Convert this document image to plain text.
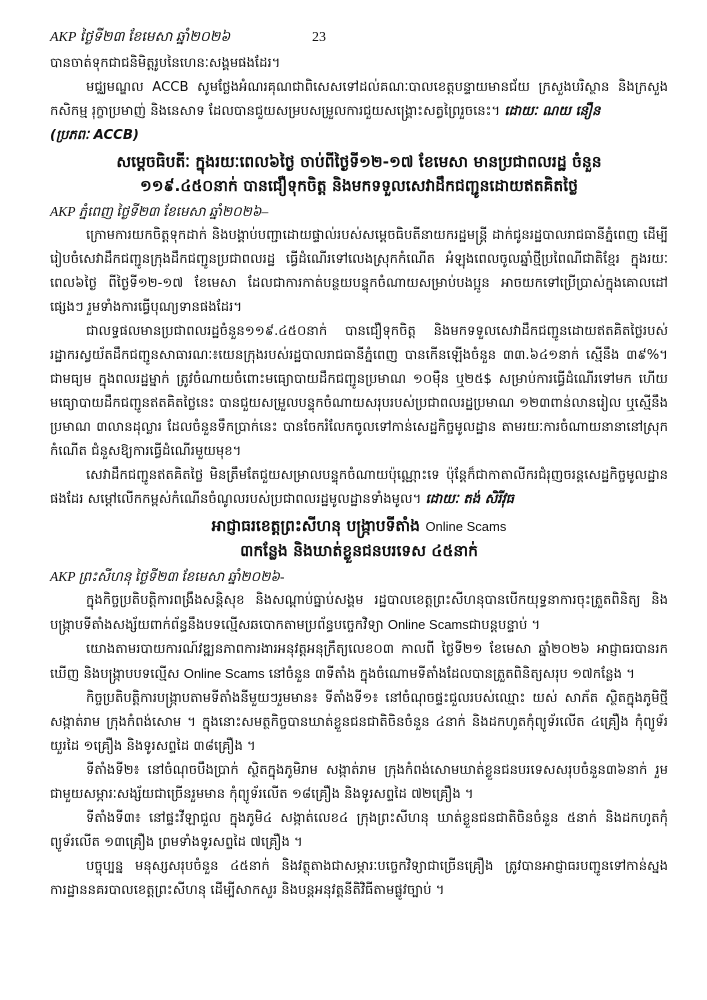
AKP ថ្ងៃទី២៣ ខែមេសា ឆ្នាំ២០២៦	23

បានចាត់ទុកជាជនិមិត្តរូបនៃហេនៈសង្គមផងដែរ។

មជ្ឈមណ្ឌល ACCB សូមថ្លែងអំណរគុណជាពិសេសទៅដល់គណៈបាលខេត្តបន្ទាយមានជ័យ ក្រសួងបរិស្ថាន និងក្រសួងកសិកម្ម រុក្ខាប្រមាញ់ និងនេសាទ ដែលបានជួយសម្របសម្រួលការជួយសង្គ្រោះសត្វព្រៃរួចនេះ។ ដោយៈ ណយ នឿន

(ប្រភពៈ ACCB)

សម្ដេចធិបតីៈ ក្នុងរយៈពេល៦ថ្ងៃ ចាប់ពីថ្ងៃទី១២-១៧ ខែមេសា មានប្រជាពលរដ្ឋ ចំនួន
១១៩.៤៥០នាក់ បានជឿទុកចិត្ត និងមកទទួលសេវាដឹកជញ្ជូនដោយឥតគិតថ្លៃ

AKP ភ្នំពេញ ថ្ងៃទី២៣ ខែមេសា ឆ្នាំ២០២៦–

ក្រោមការយកចិត្តទុកដាក់ និងបង្គាប់បញ្ជាដោយផ្ទាល់របស់សម្ដេចធិបតីនាយករដ្ឋមន្ត្រី ដាក់ជូនរដ្ឋបាលរាជធានីភ្នំពេញ ដើម្បីរៀបចំសេវាដឹកជញ្ជូនក្រុងដឹកជញ្ជូនប្រជាពលរដ្ឋ ធ្វើដំណើរទៅលេងស្រុកកំណើត អំឡុងពេលចូលឆ្នាំថ្មីប្រពៃណីជាតិខ្មែរ ក្នុងរយៈពេល៦ថ្ងៃ ពីថ្ងៃទី១២-១៧ ខែមេសា ដែលជាការកាត់បន្ថយបន្ទុកចំណាយសម្រាប់បងប្អូន អាចយកទៅប្រើប្រាស់ក្នុងគោលដៅផ្សេងៗ រួមទាំងការធ្វើបុណ្យទានផងដែរ។

ជាលទ្ធផលមានប្រជាពលរដ្ឋចំនួន១១៩.៤៥០នាក់ បានជឿទុកចិត្ត និងមកទទួលសេវាដឹកជញ្ជូនដោយឥតគិតថ្លៃរបស់រដ្ឋាករស្វយ័តដឹកជញ្ជូនសាធារណៈ៖យេនក្រុងរបស់រដ្ឋបាលរាជធានីភ្នំពេញ បានកើនឡើងចំនួន ៣៣.៦៤១នាក់ ស្មើនឹង ៣៩%។ ជាមធ្យម ក្នុងពលរដ្ឋម្នាក់ ត្រូវចំណាយចំពោះមធ្យោបាយដឹកជញ្ជូនប្រមាណ ១០ម៉ឺន ឬ២៥$ សម្រាប់ការធ្វើដំណើរទៅមក ហើយមធ្យោបាយដឹកជញ្ជូនឥតគិតថ្លៃនេះ បានជួយសម្រួលបន្ទុកចំណាយសរុបរបស់ប្រជាពលរដ្ឋប្រមាណ ១២៣ពាន់លានរៀល ឬស្មើនឹងប្រមាណ ៣លានដុល្លារ ដែលចំនួនទឹកប្រាក់នេះ បានចែករំលែកចូលទៅកាន់សេដ្ឋកិច្ចមូលដ្ឋាន តាមរយៈការចំណាយនានានៅស្រុកកំណើត ជំនួសឱ្យការធ្វើដំណើរមួយមុខ។

សេវាដឹកជញ្ជូនឥតគិតថ្លៃ មិនត្រឹមតែជួយសម្រាលបន្ទុកចំណាយប៉ុណ្ណោះទេ ប៉ុន្តែក៏ជាកាតាលីករជំរុញចរន្តសេដ្ឋកិច្ចមូលដ្ឋានផងដែរ សម្ដៅលើកកម្ពស់កំណើនចំណូលរបស់ប្រជាពលរដ្ឋមូលដ្ឋានទាំងមូល។ ដោយៈ តង់ សិរីវុធ

អាជ្ញាធរខេត្តព្រះសីហនុ បង្ក្រាបទីតាំង Online Scams
៣កន្លែង និងឃាត់ខ្លួនជនបរទេស ៤៥នាក់

AKP ព្រះសីហនុ ថ្ងៃទី២៣ ខែមេសា ឆ្នាំ២០២៦-

ក្នុងកិច្ចប្រតិបត្តិការពង្រឹងសន្តិសុខ និងសណ្ដាប់ធ្នាប់សង្គម រដ្ឋបាលខេត្តព្រះសីហនុបានបើកយុទ្ធនាការចុះត្រួតពិនិត្យ និងបង្ក្រាបទីតាំងសង្ស័យពាក់ព័ន្ធនឹងបទល្មើសឆបោកតាមប្រព័ន្ធបច្ចេកវិទ្យា Online Scamsជាបន្តបន្ទាប់ ។

យោងតាមរបាយការណ៍វឌ្ឍនភាពការងារអនុវត្តអនុក្រឹត្យលេខ០៣ កាលពី ថ្ងៃទី២១ ខែមេសា ឆ្នាំ២០២៦ អាជ្ញាធរបានរកឃើញ និងបង្ក្រាបបទល្មើស Online Scams នៅចំនួន ៣ទីតាំង ក្នុងចំណោមទីតាំងដែលបានត្រួតពិនិត្យសរុប ១៧កន្លែង ។

កិច្ចប្រតិបត្តិការបង្ក្រាបតាមទីតាំងនីមួយៗរួមមាន៖ ទីតាំងទី១៖ នៅចំណុចផ្ទះជួលរបស់ឈ្មោះ យស់ សាភ័ត ស្ថិតក្នុងភូមិថ្មី សង្កាត់រាម ក្រុងកំពង់សោម ។ ក្នុងនោះសមត្ថកិច្ចបានឃាត់ខ្លួនជនជាតិចិនចំនួន ៤នាក់ និងដកហូតកុំព្យូទ័រលើត ៤គ្រឿង កុំព្យូទ័រយួរដៃ ១គ្រឿង និងទូរសព្ទដៃ ៣៨គ្រឿង ។

ទីតាំងទី២៖ នៅចំណុចបឹងប្រាក់ ស្ថិតក្នុងភូមិរាម សង្កាត់រាម ក្រុងកំពង់សោមឃាត់ខ្លួនជនបរទេសសរុបចំនួន៣៦នាក់ រួមជាមួយសម្ភារៈសង្ស័យជាច្រើនរួមមាន កុំព្យូទ័រលើត ១៨គ្រឿង និងទូរសព្ទដៃ ៧២គ្រឿង ។

ទីតាំងទី៣៖ នៅផ្ទះវីឡាជួល ក្នុងភូមិ៤ សង្កាត់លេខ៤ ក្រុងព្រះសីហនុ ឃាត់ខ្លួនជនជាតិចិនចំនួន ៥នាក់ និងដកហូតកុំព្យូទ័រលើត ១៣គ្រឿង ព្រមទាំងទូរសព្ទដៃ ៧គ្រឿង ។

បច្ចុប្បន្ន មនុស្សសរុបចំនួន ៤៥នាក់ និងវត្ថុតាងជាសម្ភារៈបច្ចេកវិទ្យាជាច្រើនគ្រឿង ត្រូវបានអាជ្ញាធរបញ្ជូនទៅកាន់ស្នងការដ្ឋាននគរបាលខេត្តព្រះសីហនុ ដើម្បីសាកសួរ និងបន្តអនុវត្តនីតិវិធីតាមផ្លូវច្បាប់ ។
